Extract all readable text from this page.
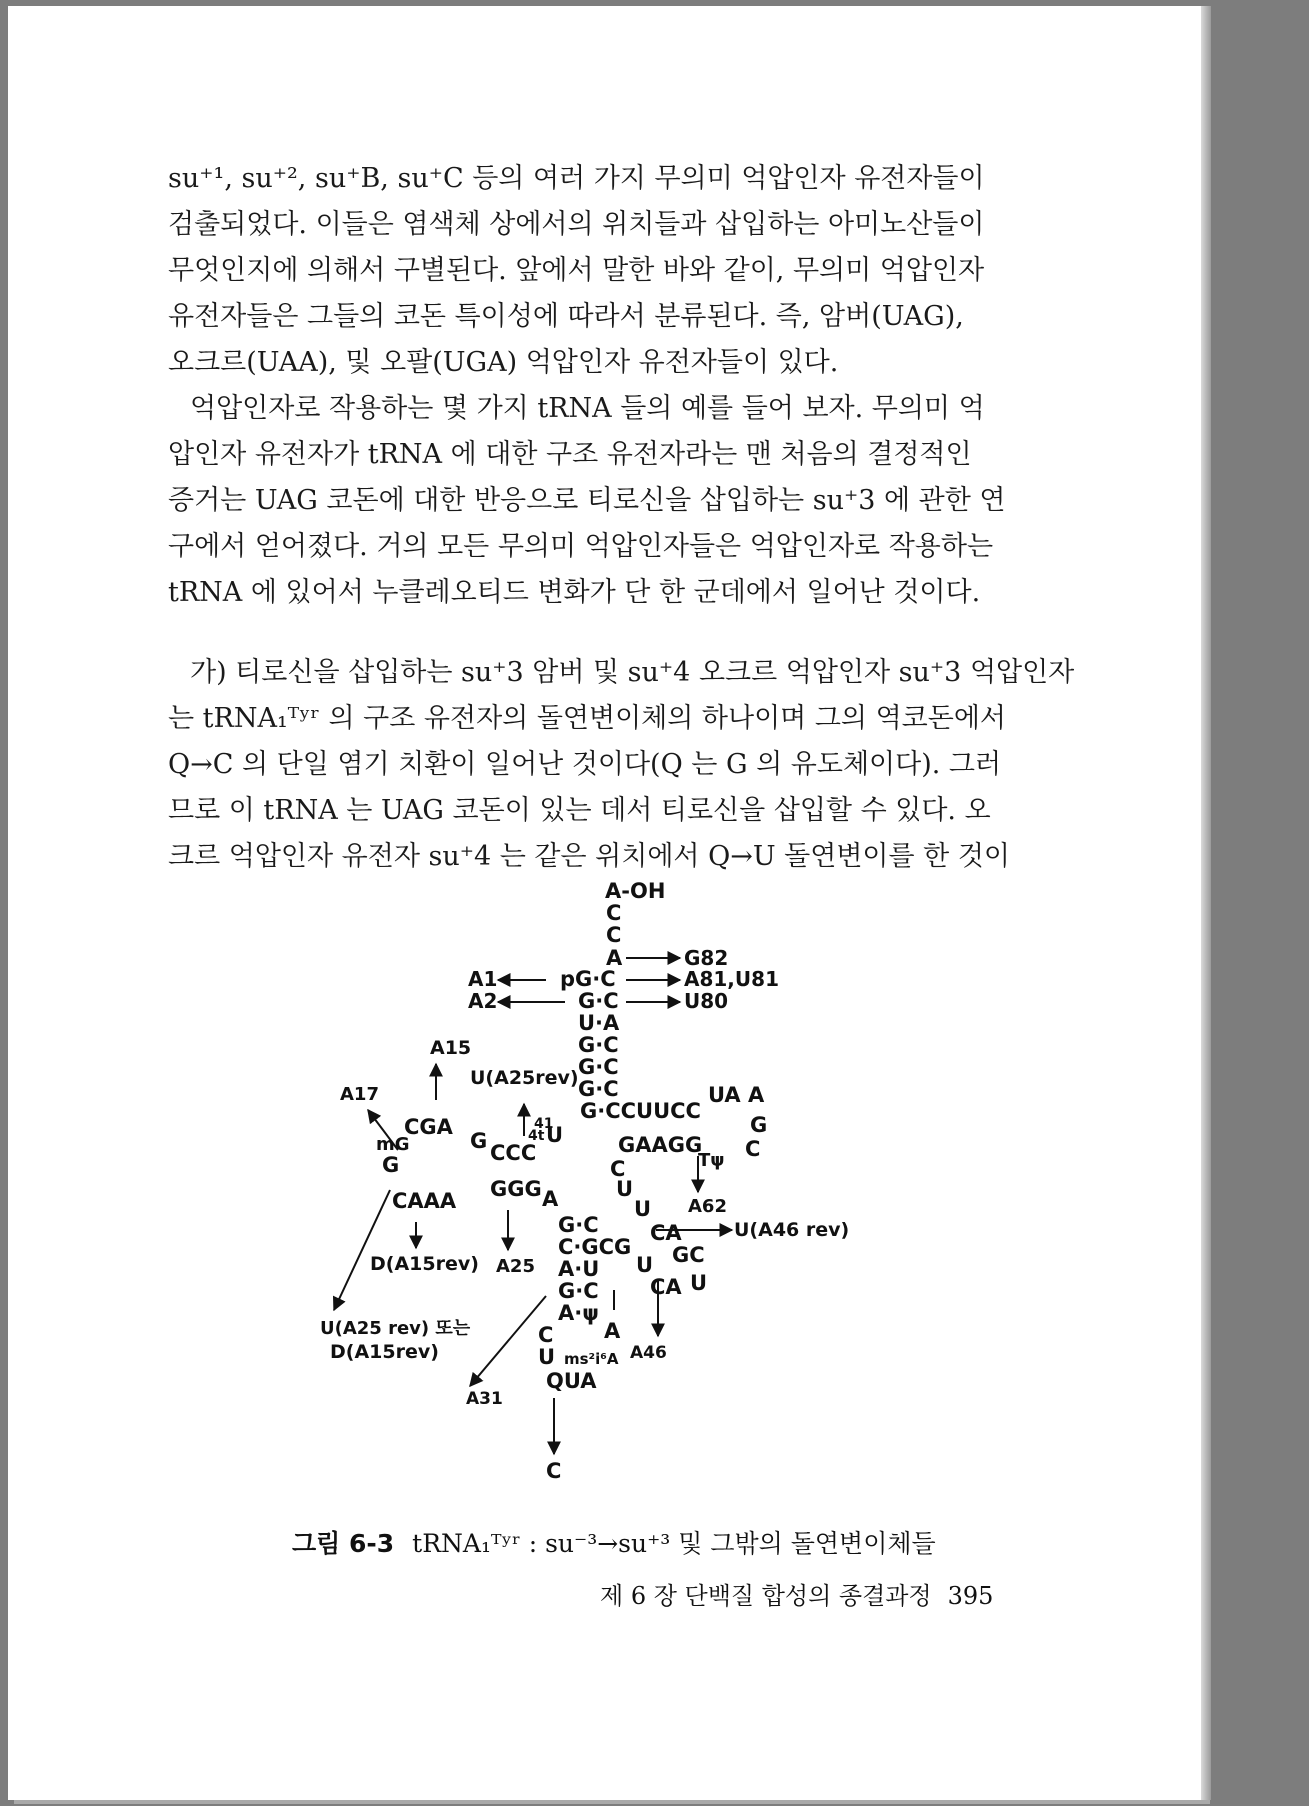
su⁺¹, su⁺², su⁺B, su⁺C 등의 여러 가지 무의미 억압인자 유전자들이

검출되었다. 이들은 염색체 상에서의 위치들과 삽입하는 아미노산들이

무엇인지에 의해서 구별된다. 앞에서 말한 바와 같이, 무의미 억압인자

유전자들은 그들의 코돈 특이성에 따라서 분류된다. 즉, 암버(UAG),

오크르(UAA), 및 오팔(UGA) 억압인자 유전자들이 있다.

억압인자로 작용하는 몇 가지 tRNA 들의 예를 들어 보자. 무의미 억

압인자 유전자가 tRNA 에 대한 구조 유전자라는 맨 처음의 결정적인

증거는 UAG 코돈에 대한 반응으로 티로신을 삽입하는 su⁺3 에 관한 연

구에서 얻어졌다. 거의 모든 무의미 억압인자들은 억압인자로 작용하는

tRNA 에 있어서 누클레오티드 변화가 단 한 군데에서 일어난 것이다.

가) 티로신을 삽입하는 su⁺3 암버 및 su⁺4 오크르 억압인자 su⁺3 억압인자

는 tRNA₁ᵀʸʳ 의 구조 유전자의 돌연변이체의 하나이며 그의 역코돈에서

Q→C 의 단일 염기 치환이 일어난 것이다(Q 는 G 의 유도체이다). 그러

므로 이 tRNA 는 UAG 코돈이 있는 데서 티로신을 삽입할 수 있다. 오

크르 억압인자 유전자 su⁺4 는 같은 위치에서 Q→U 돌연변이를 한 것이

A-OH
C
C
A	G82
A1	pG·C	A81,U81
A2	G·C	U80
U·A
G·C
A15
G·C
U(A25rev) G·C
A17
G·CCUUCC
UA A
G
C
GAAGG
Tψ
41
4t U
mG
CGA
G CCC
G
GGG
CAAA	A
C
U
U A62
G·C	U(A46 rev)
C·GCG
CA
GC
D(A15rev) A25 A·U U
G·C CA U
A·ψ
U(A25 rev) 또는	C A
D(A15rev)	U ms²i⁶A A46
A31
QUA
C
그림 6-3 tRNA₁ᵀʸʳ : su⁻³→su⁺³ 및 그밖의 돌연변이체들
제 6 장 단백질 합성의 종결과정 395
